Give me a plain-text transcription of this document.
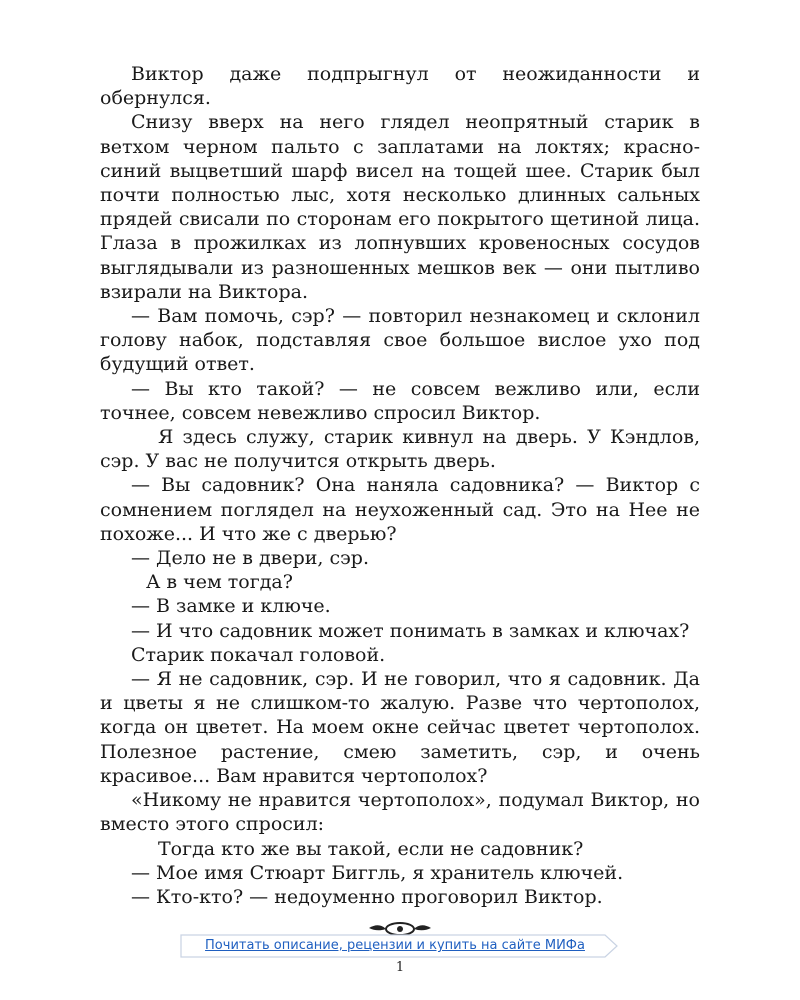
Виктор даже подпрыгнул от неожиданности и обернулся.

Снизу вверх на него глядел неопрятный старик в ветхом черном пальто с заплатами на локтях; красно-синий выцветший шарф висел на тощей шее. Старик был почти полностью лыс, хотя несколько длинных сальных прядей свисали по сторонам его покрытого щетиной лица. Глаза в прожилках из лопнувших кровеносных сосудов выглядывали из разношенных мешков век — они пытливо взирали на Виктора.

— Вам помочь, сэр? — повторил незнакомец и склонил голову набок, подставляя свое большое вислое ухо под будущий ответ.

— Вы кто такой? — не совсем вежливо или, если точнее, совсем невежливо спросил Виктор.

Я здесь служу, старик кивнул на дверь. У Кэндлов, сэр. У вас не получится открыть дверь.

— Вы садовник? Она наняла садовника? — Виктор с сомнением поглядел на неухоженный сад. Это на Нее не похоже... И что же с дверью?

— Дело не в двери, сэр.

А в чем тогда?

— В замке и ключе.

— И что садовник может понимать в замках и ключах?

Старик покачал головой.

— Я не садовник, сэр. И не говорил, что я садовник. Да и цветы я не слишком-то жалую. Разве что чертополох, когда он цветет. На моем окне сейчас цветет чертополох. Полезное растение, смею заметить, сэр, и очень красивое... Вам нравится чертополох?

«Никому не нравится чертополох», подумал Виктор, но вместо этого спросил:

Тогда кто же вы такой, если не садовник?

— Мое имя Стюарт Биггль, я хранитель ключей.

— Кто-кто? — недоуменно проговорил Виктор.

Почитать описание, рецензии и купить на сайте МИФа
1
